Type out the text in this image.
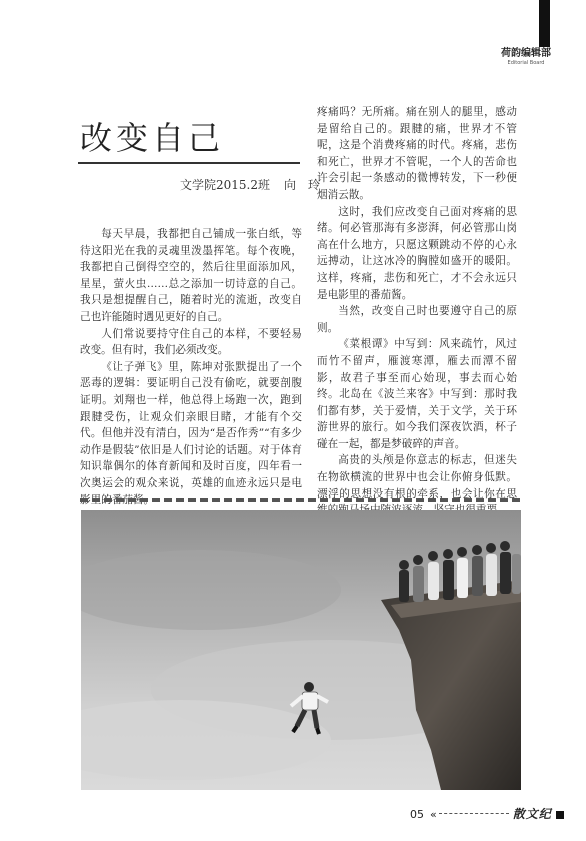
荷韵编辑部
Editorial Board
改变自己
文学院2015.2班 向　玲

每天早晨，我都把自己铺成一张白纸，等待这阳光在我的灵魂里泼墨挥笔。每个夜晚，我都把自己倒得空空的，然后往里面添加风，星星，萤火虫……总之添加一切诗意的自己。我只是想提醒自己，随着时光的流逝，改变自己也许能随时遇见更好的自己。

人们常说要持守住自己的本样，不要轻易改变。但有时，我们必须改变。

《让子弹飞》里，陈坤对张默提出了一个恶毒的逻辑：要证明自己没有偷吃，就要剖腹证明。刘翔也一样，他总得上场跑一次，跑到跟腱受伤，让观众们亲眼目睹，才能有个交代。但他并没有清白，因为“是否作秀”“有多少动作是假装”依旧是人们讨论的话题。对于体育知识靠偶尔的体育新闻和及时百度，四年看一次奥运会的观众来说，英雄的血迹永远只是电影里的番茄酱。

疼痛吗？无所痛。痛在别人的腿里，感动是留给自己的。跟腱的痛，世界才不管呢，这是个消费疼痛的时代。疼痛，悲伤和死亡，世界才不管呢，一个人的苦命也许会引起一条感动的微博转发，下一秒便烟消云散。

这时，我们应改变自己面对疼痛的思绪。何必管那海有多澎湃，何必管那山岗高在什么地方，只愿这颗跳动不停的心永远搏动，让这冰冷的胸膛如盛开的暖阳。这样，疼痛，悲伤和死亡，才不会永远只是电影里的番茄酱。

当然，改变自己时也要遵守自己的原则。

《菜根谭》中写到：风来疏竹，风过而竹不留声，雁渡寒潭，雁去而潭不留影，故君子事至而心始现，事去而心始终。北岛在《波兰来客》中写到：那时我们都有梦，关于爱情，关于文学，关于环游世界的旅行。如今我们深夜饮酒，杯子碰在一起，都是梦破碎的声音。

高贵的头颅是你意志的标志，但迷失在物欲横流的世界中也会让你俯身低默。漂浮的思想没有根的牵系，也会让你在思

05 «	散文纪
